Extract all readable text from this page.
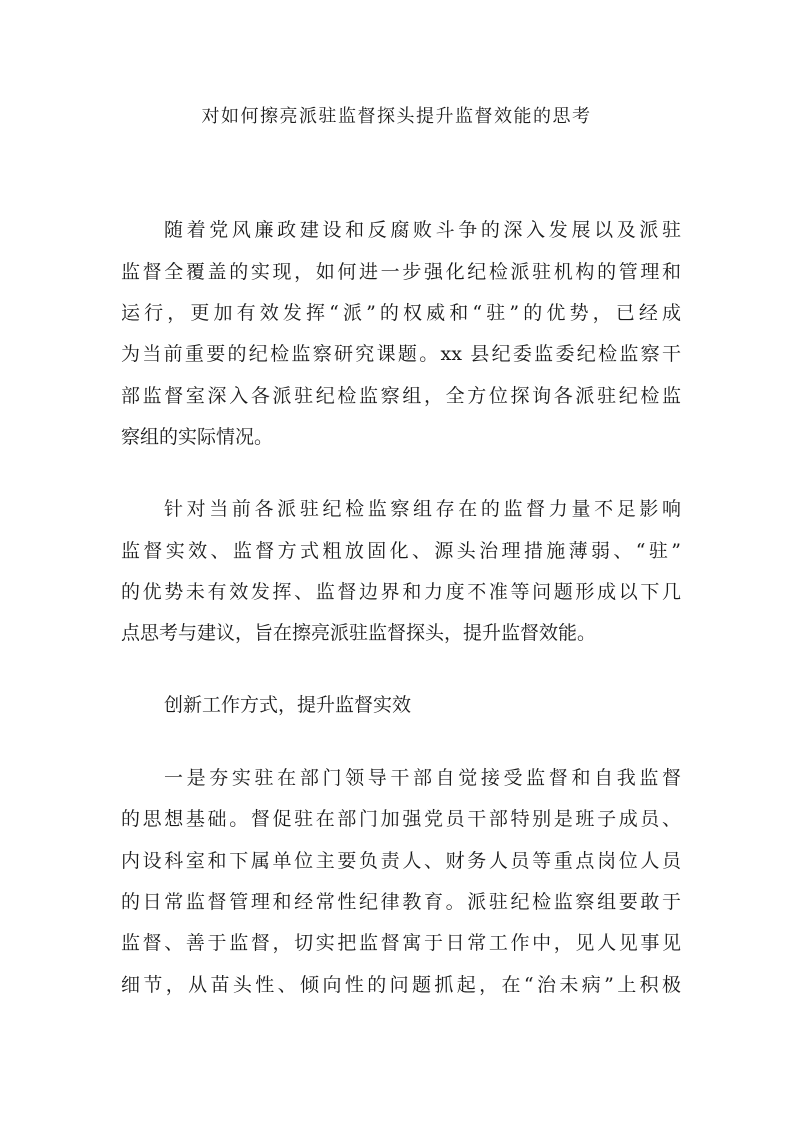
对如何擦亮派驻监督探头提升监督效能的思考
随着党风廉政建设和反腐败斗争的深入发展以及派驻
监督全覆盖的实现，如何进一步强化纪检派驻机构的管理和
运行，更加有效发挥“派”的权威和“驻”的优势，已经成
为当前重要的纪检监察研究课题。xx 县纪委监委纪检监察干
部监督室深入各派驻纪检监察组，全方位探询各派驻纪检监
察组的实际情况。
针对当前各派驻纪检监察组存在的监督力量不足影响
监督实效、监督方式粗放固化、源头治理措施薄弱、“驻”
的优势未有效发挥、监督边界和力度不准等问题形成以下几
点思考与建议，旨在擦亮派驻监督探头，提升监督效能。
创新工作方式，提升监督实效
一是夯实驻在部门领导干部自觉接受监督和自我监督
的思想基础。督促驻在部门加强党员干部特别是班子成员、
内设科室和下属单位主要负责人、财务人员等重点岗位人员
的日常监督管理和经常性纪律教育。派驻纪检监察组要敢于
监督、善于监督，切实把监督寓于日常工作中，见人见事见
细节，从苗头性、倾向性的问题抓起，在“治未病”上积极
